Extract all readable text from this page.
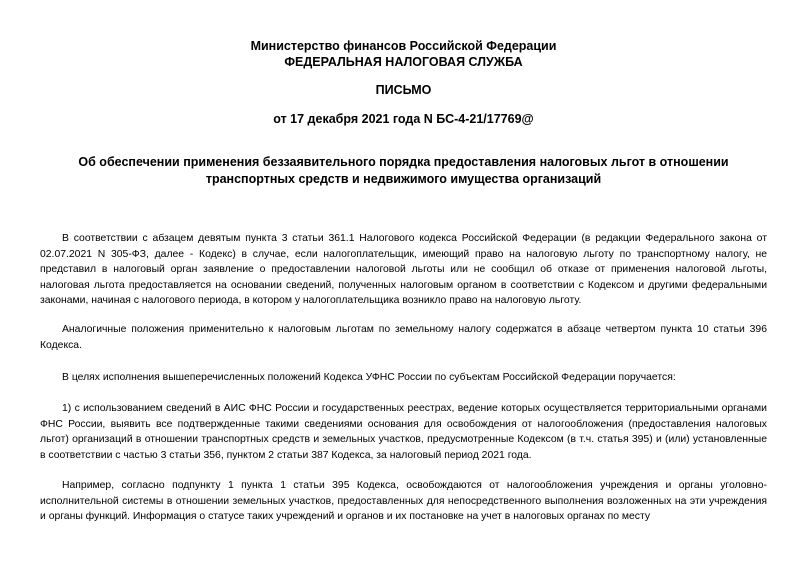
Министерство финансов Российской Федерации
ФЕДЕРАЛЬНАЯ НАЛОГОВАЯ СЛУЖБА
ПИСЬМО
от 17 декабря 2021 года N БС-4-21/17769@
Об обеспечении применения беззаявительного порядка предоставления налоговых льгот в отношении транспортных средств и недвижимого имущества организаций
В соответствии с абзацем девятым пункта 3 статьи 361.1 Налогового кодекса Российской Федерации (в редакции Федерального закона от 02.07.2021 N 305-ФЗ, далее - Кодекс) в случае, если налогоплательщик, имеющий право на налоговую льготу по транспортному налогу, не представил в налоговый орган заявление о предоставлении налоговой льготы или не сообщил об отказе от применения налоговой льготы, налоговая льгота предоставляется на основании сведений, полученных налоговым органом в соответствии с Кодексом и другими федеральными законами, начиная с налогового периода, в котором у налогоплательщика возникло право на налоговую льготу.
Аналогичные положения применительно к налоговым льготам по земельному налогу содержатся в абзаце четвертом пункта 10 статьи 396 Кодекса.
В целях исполнения вышеперечисленных положений Кодекса УФНС России по субъектам Российской Федерации поручается:
1) с использованием сведений в АИС ФНС России и государственных реестрах, ведение которых осуществляется территориальными органами ФНС России, выявить все подтвержденные такими сведениями основания для освобождения от налогообложения (предоставления налоговых льгот) организаций в отношении транспортных средств и земельных участков, предусмотренные Кодексом (в т.ч. статья 395) и (или) установленные в соответствии с частью 3 статьи 356, пунктом 2 статьи 387 Кодекса, за налоговый период 2021 года.
Например, согласно подпункту 1 пункта 1 статьи 395 Кодекса, освобождаются от налогообложения учреждения и органы уголовно-исполнительной системы в отношении земельных участков, предоставленных для непосредственного выполнения возложенных на эти учреждения и органы функций. Информация о статусе таких учреждений и органов и их постановке на учет в налоговых органах по месту
